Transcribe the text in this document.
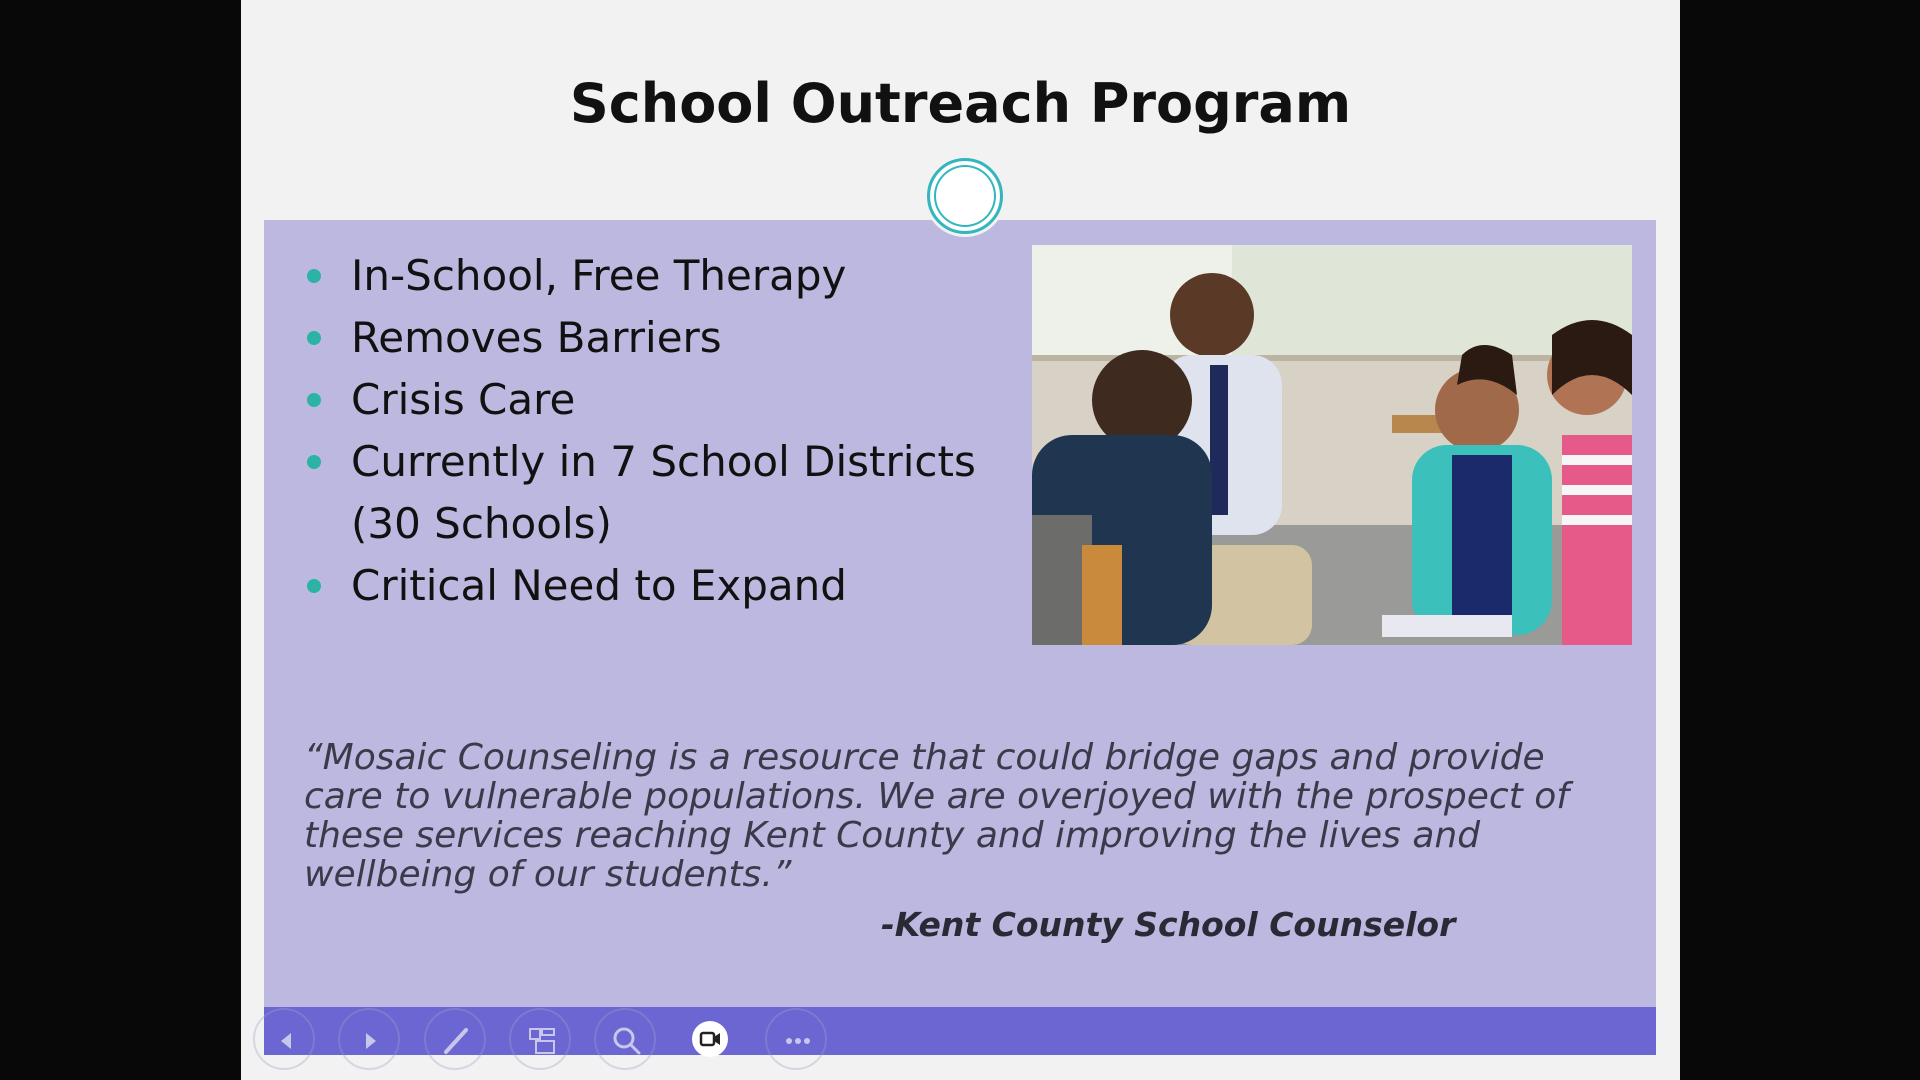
School Outreach Program
In-School, Free Therapy
Removes Barriers
Crisis Care
Currently in 7 School Districts
(30 Schools)
Critical Need to Expand

“Mosaic Counseling is a resource that could bridge gaps and provide care to vulnerable populations. We are overjoyed with the prospect of these services reaching Kent County and improving the lives and wellbeing of our students.”

-Kent County School Counselor
